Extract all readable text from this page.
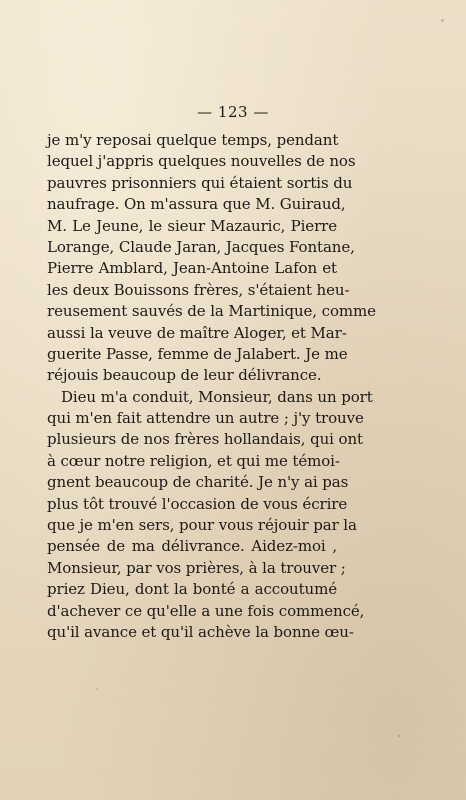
— 123 —
je m'y reposai quelque temps, pendant
lequel j'appris quelques nouvelles de nos
pauvres prisonniers qui étaient sortis du
naufrage. On m'assura que M. Guiraud,
M. Le Jeune, le sieur Mazauric, Pierre
Lorange, Claude Jaran, Jacques Fontane,
Pierre Amblard, Jean-Antoine Lafon et
les deux Bouissons frères, s'étaient heu-
reusement sauvés de la Martinique, comme
aussi la veuve de maître Aloger, et Mar-
guerite Passe, femme de Jalabert. Je me
réjouis beaucoup de leur délivrance.
Dieu m'a conduit, Monsieur, dans un port
qui m'en fait attendre un autre ; j'y trouve
plusieurs de nos frères hollandais, qui ont
à cœur notre religion, et qui me témoi-
gnent beaucoup de charité. Je n'y ai pas
plus tôt trouvé l'occasion de vous écrire
que je m'en sers, pour vous réjouir par la
pensée de ma délivrance. Aidez-moi ,
Monsieur, par vos prières, à la trouver ;
priez Dieu, dont la bonté a accoutumé
d'achever ce qu'elle a une fois commencé,
qu'il avance et qu'il achève la bonne œu-
